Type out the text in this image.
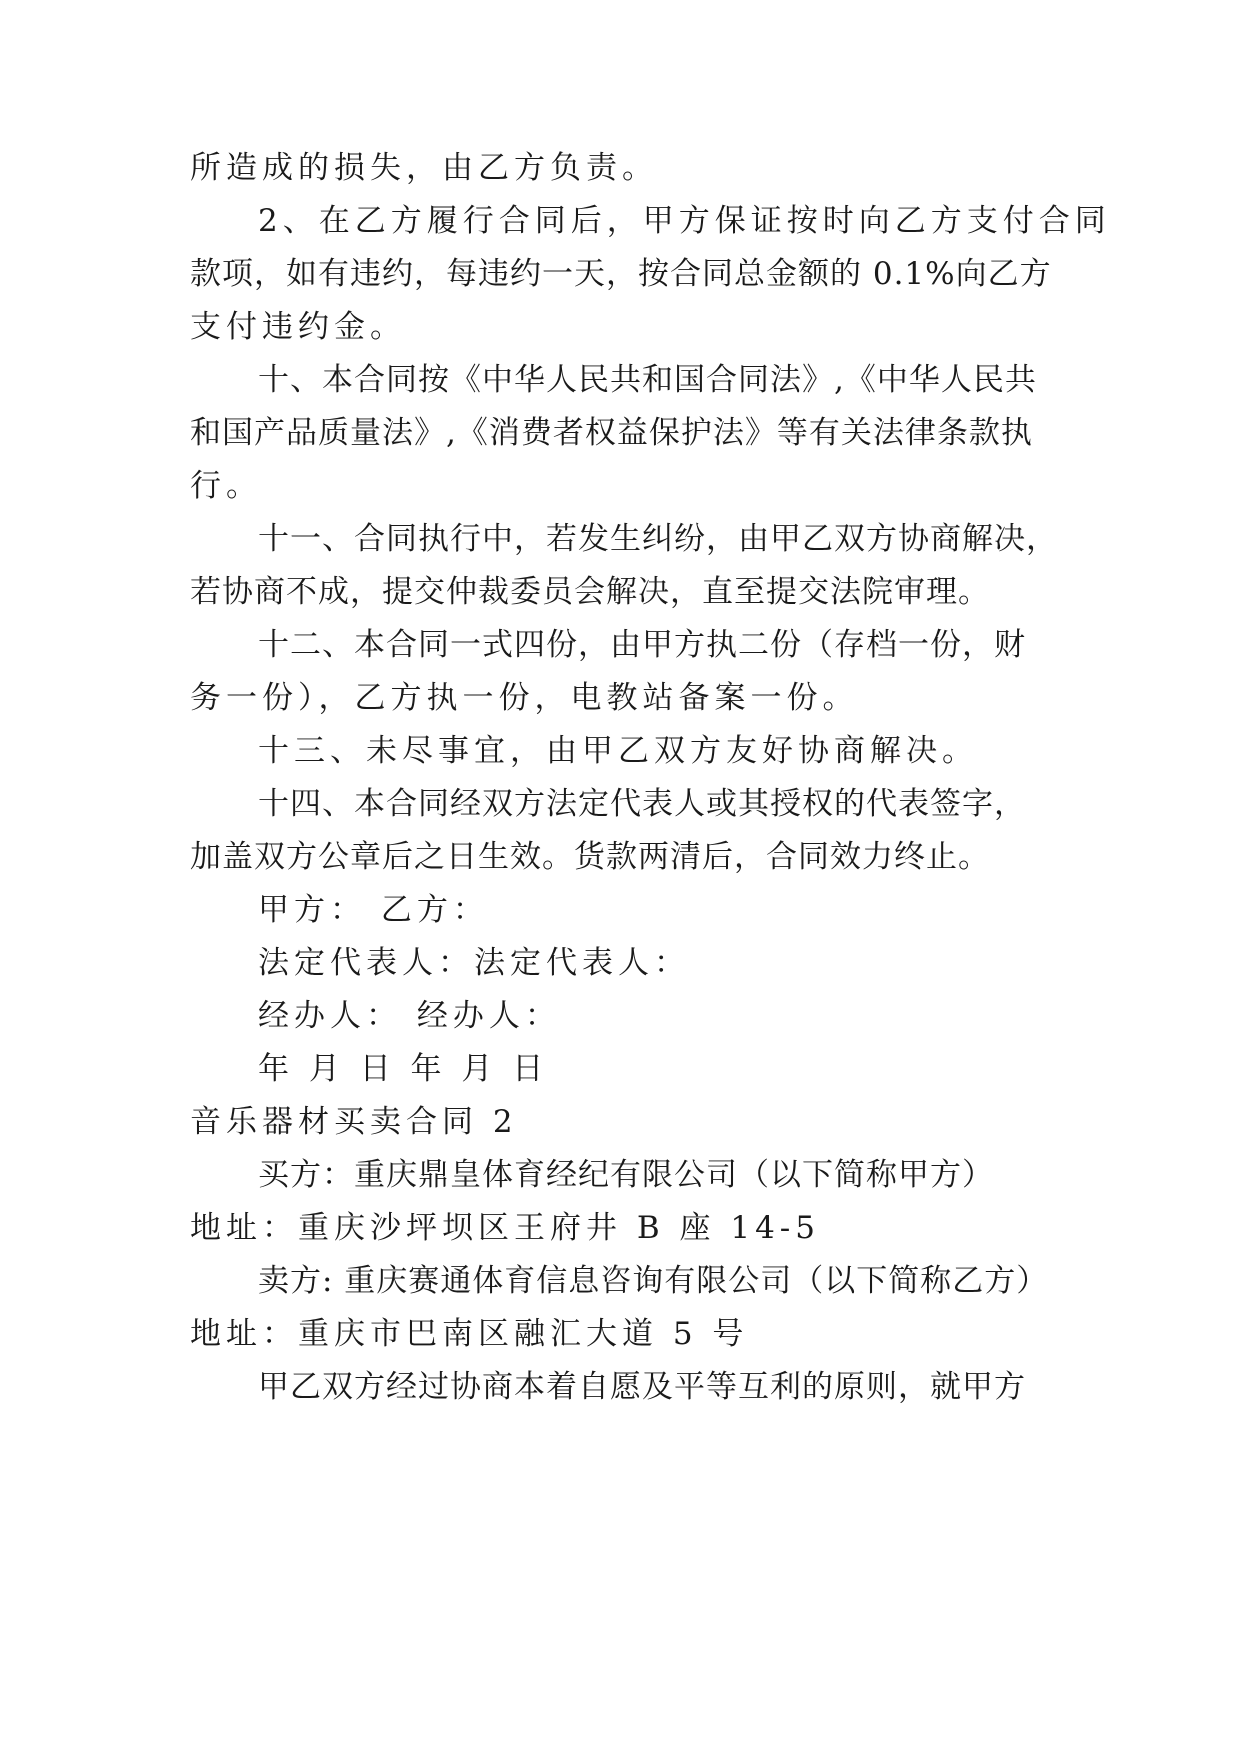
所造成的损失，由乙方负责。
2、在乙方履行合同后，甲方保证按时向乙方支付合同
款项，如有违约，每违约一天，按合同总金额的 0.1%向乙方
支付违约金。
十、本合同按《中华人民共和国合同法》,《中华人民共
和国产品质量法》,《消费者权益保护法》等有关法律条款执
行。
十一、合同执行中，若发生纠纷，由甲乙双方协商解决，
若协商不成，提交仲裁委员会解决，直至提交法院审理。
十二、本合同一式四份，由甲方执二份（存档一份，财
务一份），乙方执一份，电教站备案一份。
十三、未尽事宜，由甲乙双方友好协商解决。
十四、本合同经双方法定代表人或其授权的代表签字，
加盖双方公章后之日生效。货款两清后，合同效力终止。
甲方： 乙方：
法定代表人：法定代表人：
经办人： 经办人：
年 月 日 年 月 日
音乐器材买卖合同 2
买方：重庆鼎皇体育经纪有限公司（以下简称甲方）
地址：重庆沙坪坝区王府井 B 座 14-5
卖方: 重庆赛通体育信息咨询有限公司（以下简称乙方）
地址：重庆市巴南区融汇大道 5 号
甲乙双方经过协商本着自愿及平等互利的原则，就甲方
